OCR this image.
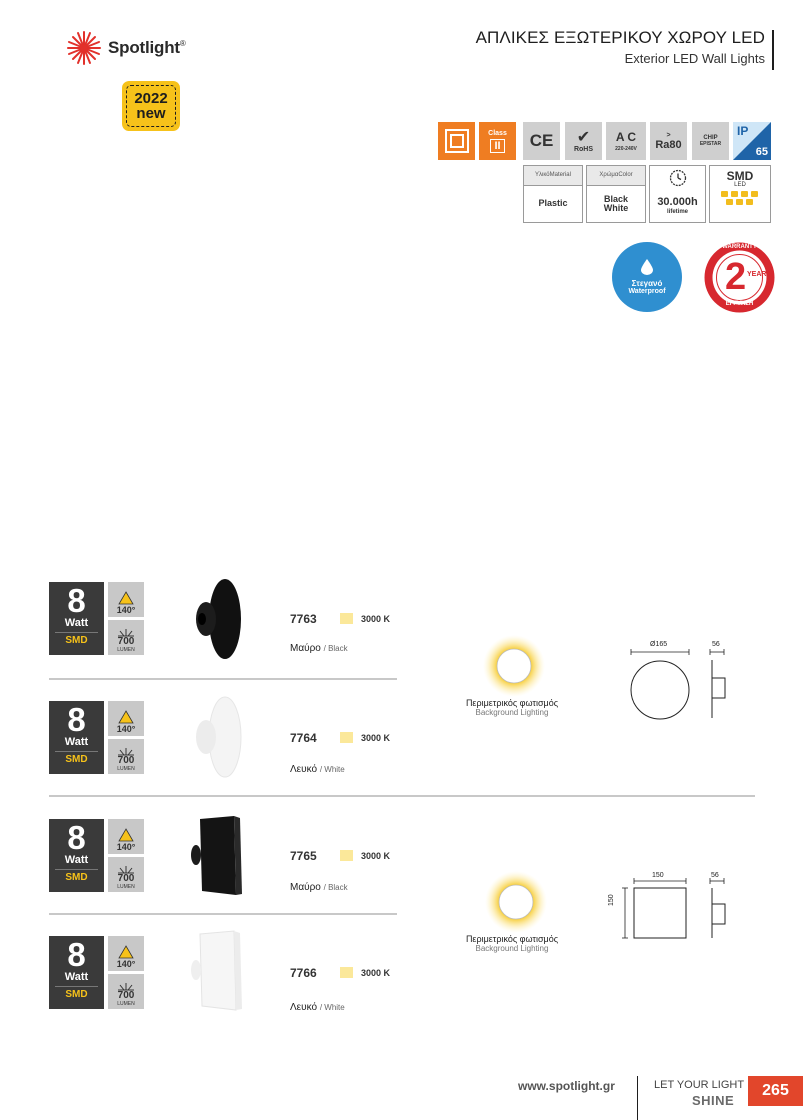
Spotlight ®
2022
new
ΑΠΛΙΚΕΣ ΕΞΩΤΕΡΙΚΟΥ ΧΩΡΟΥ LED
Exterior LED Wall Lights
Class
II	CE	✔
RoHS
A C
220-240V
>
Ra80
CHIP
EPISTAR
IP
65
Υλικό Material
Plastic
Χρώμα Color
Black
White	30.000h
lifetime
SMD
LED
Στεγανό
Waterproof
WARRANTY
2 YEAR
ΕΓΓΥΗΣΗ
8
Watt
SMD
140°
700
LUMEN
7763	3000 K
Μαύρο / Black
8
Watt
SMD
140°
700
LUMEN
7764	3000 K
Λευκό / White
8
Watt
SMD
140°
700
LUMEN
7765	3000 K
Μαύρο / Black
8
Watt
SMD
140°
700
LUMEN
7766	3000 K
Λευκό / White
Περιμετρικός φωτισμός
Background Lighting
Περιμετρικός φωτισμός
Background Lighting
Ø165	56
150
150
56
www.spotlight.gr	LET YOUR LIGHT
SHINE
265
